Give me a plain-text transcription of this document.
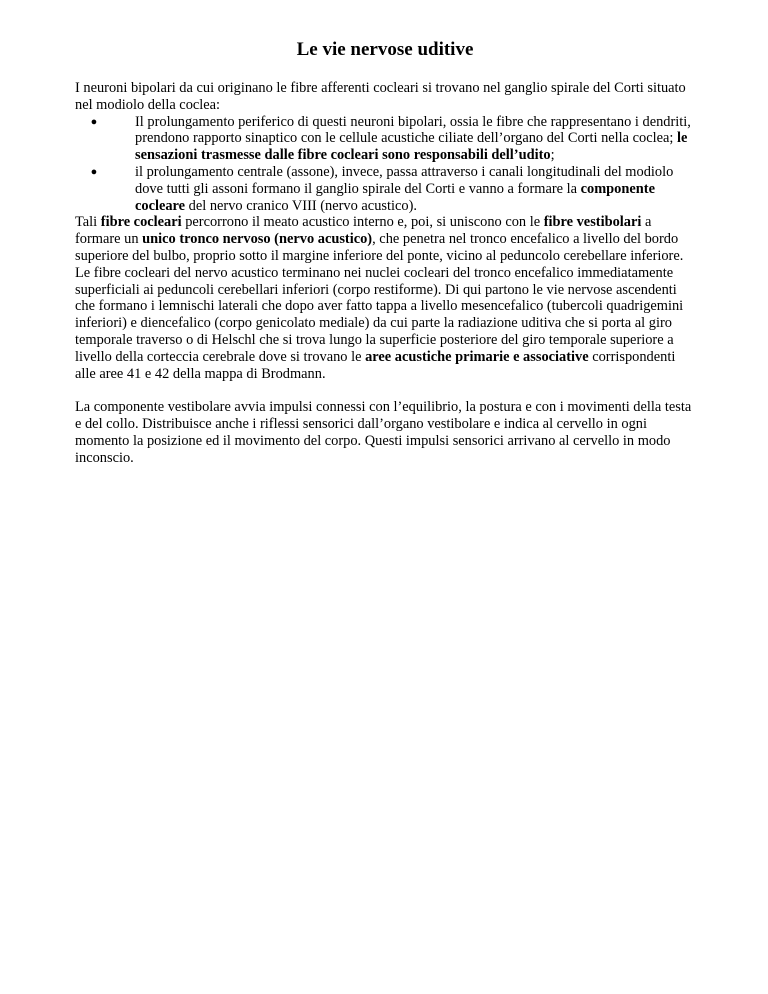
Le vie nervose uditive

I neuroni bipolari da cui originano le fibre afferenti cocleari si trovano nel ganglio spirale del Corti situato nel modiolo della coclea:

●	Il prolungamento periferico di questi neuroni bipolari, ossia le fibre che rappresentano i dendriti, prendono rapporto sinaptico con le cellule acustiche ciliate dell’organo del Corti nella coclea; le sensazioni trasmesse dalle fibre cocleari sono responsabili dell’udito;
●	il prolungamento centrale (assone), invece, passa attraverso i canali longitudinali del modiolo dove tutti gli assoni formano il ganglio spirale del Corti e vanno a formare la componente cocleare del nervo cranico VIII (nervo acustico).

Tali fibre cocleari percorrono il meato acustico interno e, poi, si uniscono con le fibre vestibolari a formare un unico tronco nervoso (nervo acustico), che penetra nel tronco encefalico a livello del bordo superiore del bulbo, proprio sotto il margine inferiore del ponte, vicino al peduncolo cerebellare inferiore.

Le fibre cocleari del nervo acustico terminano nei nuclei cocleari del tronco encefalico immediatamente superficiali ai peduncoli cerebellari inferiori (corpo restiforme). Di qui partono le vie nervose ascendenti che formano i lemnischi laterali che dopo aver fatto tappa a livello mesencefalico (tubercoli quadrigemini inferiori) e diencefalico (corpo genicolato mediale) da cui parte la radiazione uditiva che si porta al giro temporale traverso o di Helschl che si trova lungo la superficie posteriore del giro temporale superiore a livello della corteccia cerebrale dove si trovano le aree acustiche primarie e associative corrispondenti alle aree 41 e 42 della mappa di Brodmann.

La componente vestibolare avvia impulsi connessi con l’equilibrio, la postura e con i movimenti della testa e del collo. Distribuisce anche i riflessi sensorici dall’organo vestibolare e indica al cervello in ogni momento la posizione ed il movimento del corpo. Questi impulsi sensorici arrivano al cervello in modo inconscio.
